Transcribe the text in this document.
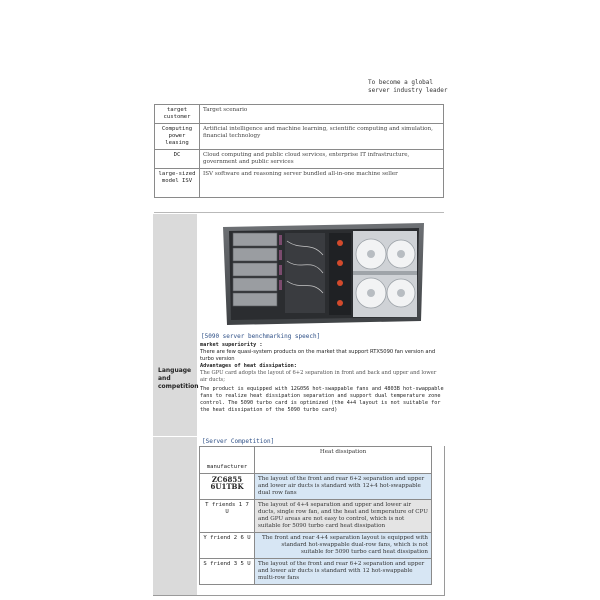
To become a global
server industry leader
target customer	Target scenario
Computing power leasing	Artificial intelligence and machine learning, scientific computing and simulation, financial technology
DC	Cloud computing and public cloud services, enterprise IT infrastructure, government and public services
large-sized model ISV	ISV software and reasoning server bundled all-in-one machine seller
Language
and
competition
[5090 server benchmarking speech]
market superiority :
There are few quasi-system products on the market that support RTX5090 fan version and turbo version
Advantages of heat dissipation:
The GPU card adopts the layout of 6+2 separation in front and back and upper and lower air ducts;
The product is equipped with 12G056 hot-swappable fans and 4803B hot-swappable fans to realize heat dissipation separation and support dual temperature zone control. The 5090 turbo card is optimized (the 4+4 layout is not suitable for the heat dissipation of the 5090 turbo card)
[Server Competition]
manufacturer	Heat dissipation
ZC6855 6U1TBK	The layout of the front and rear 6+2 separation and upper and lower air ducts is standard with 12+4 hot-swappable dual row fans
T friends 1 7 U	The layout of 4+4 separation and upper and lower air ducts, single row fan, and the heat and temperature of CPU and GPU areas are not easy to control, which is not suitable for 5090 turbo card heat dissipation
Y friend 2 6 U	The front and rear 4+4 separation layout is equipped with standard hot-swappable dual-row fans, which is not suitable for 5090 turbo card heat dissipation
S friend 3 5 U	The layout of the front and rear 6+2 separation and upper and lower air ducts is standard with 12 hot-swappable multi-row fans
